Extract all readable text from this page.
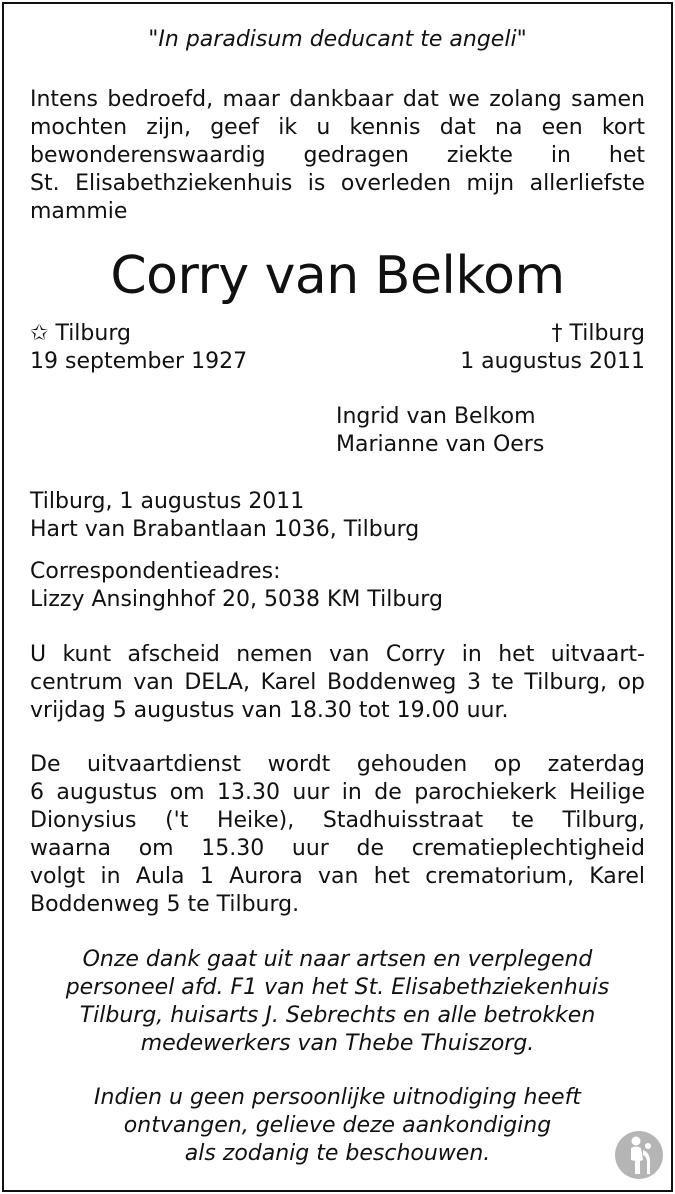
"In paradisum deducant te angeli"

Intens bedroefd, maar dankbaar dat we zolang samen
mochten zijn, geef ik u kennis dat na een kort
bewonderenswaardig gedragen ziekte in het
St. Elisabethziekenhuis is overleden mijn allerliefste
mammie

Corry van Belkom
✩ Tilburg
19 september 1927
† Tilburg
1 augustus 2011
Ingrid van Belkom
Marianne van Oers
Tilburg, 1 augustus 2011
Hart van Brabantlaan 1036, Tilburg
Correspondentieadres:
Lizzy Ansinghhof 20, 5038 KM Tilburg

U kunt afscheid nemen van Corry in het uitvaart-
centrum van DELA, Karel Boddenweg 3 te Tilburg, op
vrijdag 5 augustus van 18.30 tot 19.00 uur.

De uitvaartdienst wordt gehouden op zaterdag
6 augustus om 13.30 uur in de parochiekerk Heilige
Dionysius ('t Heike), Stadhuisstraat te Tilburg,
waarna om 15.30 uur de crematieplechtigheid
volgt in Aula 1 Aurora van het crematorium, Karel
Boddenweg 5 te Tilburg.

Onze dank gaat uit naar artsen en verplegend
personeel afd. F1 van het St. Elisabethziekenhuis
Tilburg, huisarts J. Sebrechts en alle betrokken
medewerkers van Thebe Thuiszorg.
Indien u geen persoonlijke uitnodiging heeft
ontvangen, gelieve deze aankondiging
als zodanig te beschouwen.
